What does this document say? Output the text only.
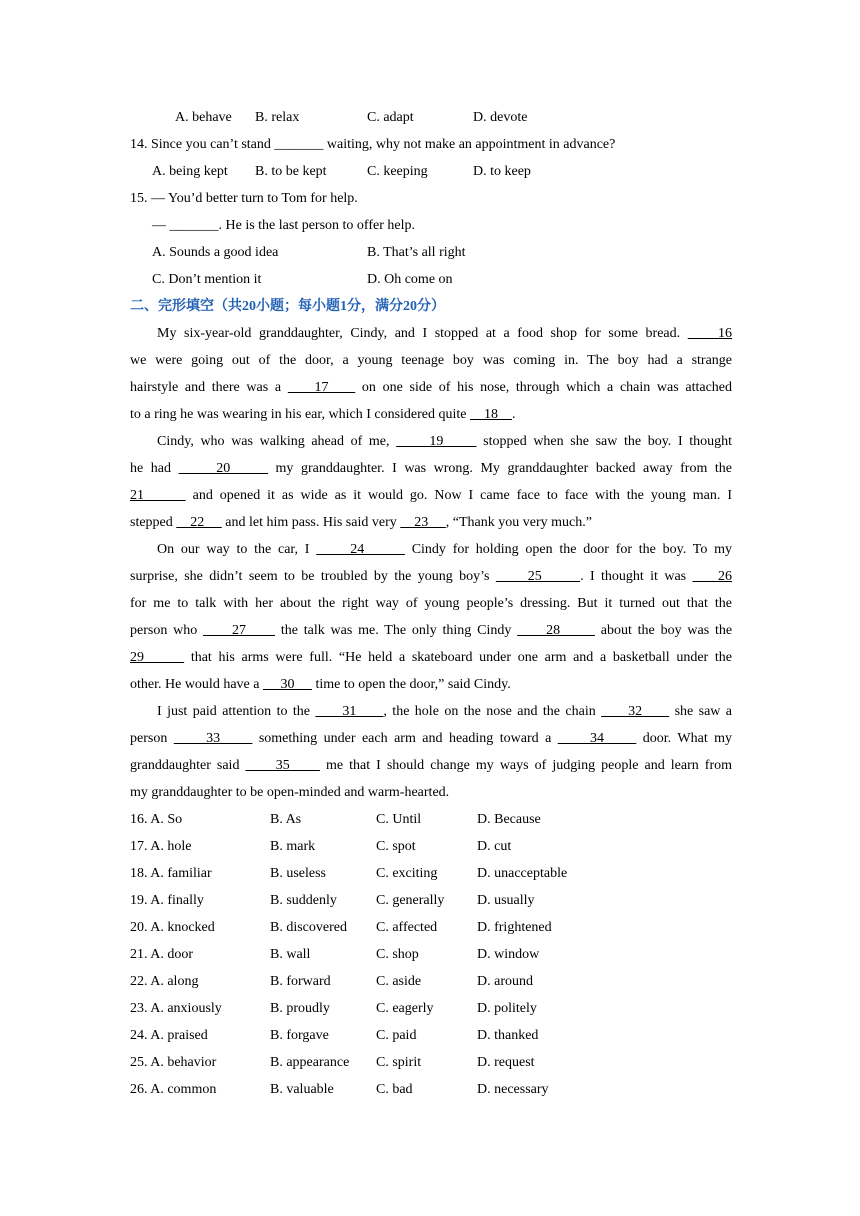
A. behave B. relax	C. adapt	D. devote
14. Since you can’t stand _______ waiting, why not make an appointment in advance?
A. being kept B. to be kept	C. keeping	D. to keep
15. — You’d better turn to Tom for help.
— _______. He is the last person to offer help.
A. Sounds a good idea	B. That’s all right
C. Don’t mention it	D. Oh come on
二、完形填空（共20小题；每小题1分，满分20分）
My six-year-old granddaughter, Cindy, and I stopped at a food shop for some bread.     16
we were going out of the door, a young teenage boy was coming in. The boy had a strange
hairstyle and there was a     17     on one side of his nose, through which a chain was attached
to a ring he was wearing in his ear, which I considered quite     18    .
Cindy, who was walking ahead of me,      19      stopped when she saw the boy. I thought
he had      20      my granddaughter. I was wrong. My granddaughter backed away from the
21       and opened it as wide as it would go. Now I came face to face with the young man. I
stepped     22      and let him pass. His said very     23     , “Thank you very much.”
On our way to the car, I      24       Cindy for holding open the door for the boy. To my
surprise, she didn’t seem to be troubled by the young boy’s      25      . I thought it was     26
for me to talk with her about the right way of young people’s dressing. But it turned out that the
person who      27      the talk was me. The only thing Cindy      28       about the boy was the
29       that his arms were full. “He held a skateboard under one arm and a basketball under the
other. He would have a      30      time to open the door,” said Cindy.
I just paid attention to the      31     , the hole on the nose and the chain      32      she saw a
person      33      something under each arm and heading toward a      34      door. What my
granddaughter said      35      me that I should change my ways of judging people and learn from
my granddaughter to be open-minded and warm-hearted.
16. A. So	B. As	C. Until	D. Because
17. A. hole	B. mark	C. spot	D. cut
18. A. familiar	B. useless	C. exciting	D. unacceptable
19. A. finally	B. suddenly	C. generally D. usually
20. A. knocked	B. discovered C. affected	D. frightened
21. A. door	B. wall	C. shop	D. window
22. A. along	B. forward	C. aside	D. around
23. A. anxiously	B. proudly	C. eagerly	D. politely
24. A. praised	B. forgave	C. paid	D. thanked
25. A. behavior	B. appearance C. spirit	D. request
26. A. common	B. valuable	C. bad	D. necessary
